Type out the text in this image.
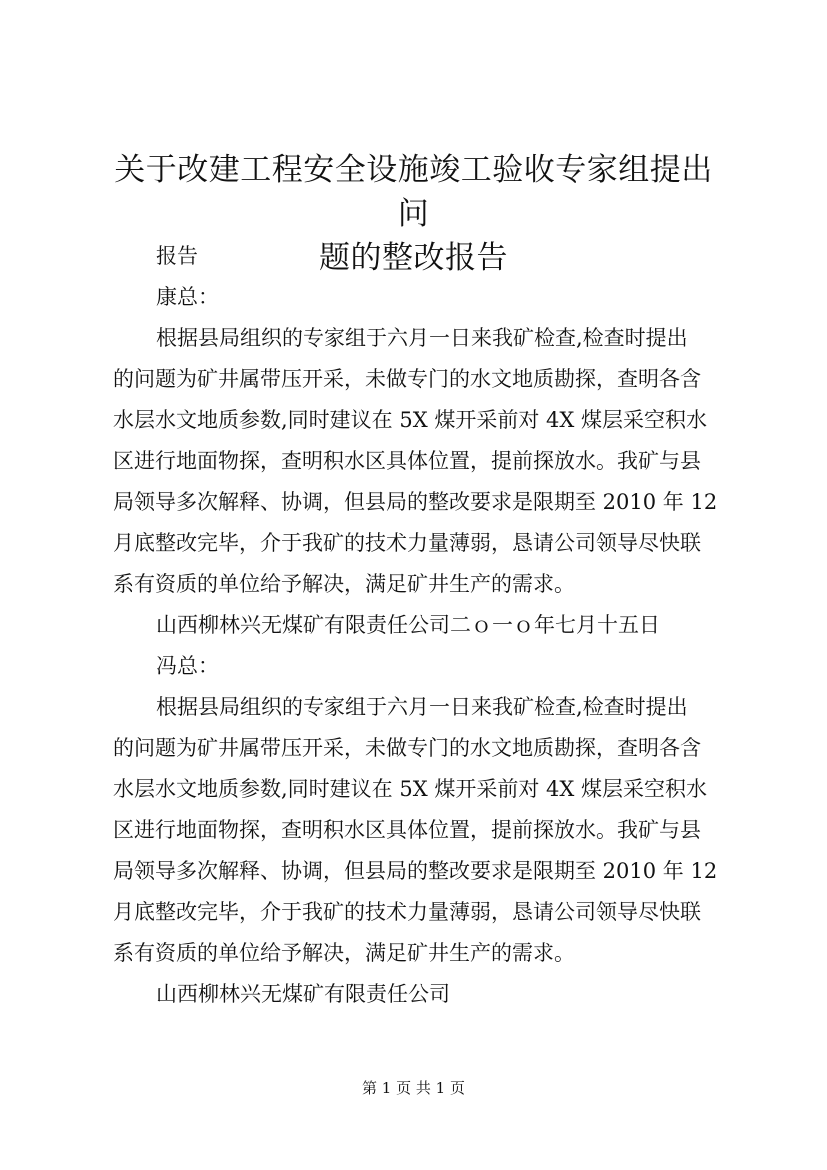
关于改建工程安全设施竣工验收专家组提出问
题的整改报告
报告
康总：
根据县局组织的专家组于六月一日来我矿检查,检查时提出
的问题为矿井属带压开采，未做专门的水文地质勘探，查明各含
水层水文地质参数,同时建议在 5X 煤开采前对 4X 煤层采空积水
区进行地面物探，查明积水区具体位置，提前探放水。我矿与县
局领导多次解释、协调，但县局的整改要求是限期至 2010 年 12
月底整改完毕，介于我矿的技术力量薄弱，恳请公司领导尽快联
系有资质的单位给予解决，满足矿井生产的需求。
山西柳林兴无煤矿有限责任公司二ｏ一ｏ年七月十五日
冯总：
根据县局组织的专家组于六月一日来我矿检查,检查时提出
的问题为矿井属带压开采，未做专门的水文地质勘探，查明各含
水层水文地质参数,同时建议在 5X 煤开采前对 4X 煤层采空积水
区进行地面物探，查明积水区具体位置，提前探放水。我矿与县
局领导多次解释、协调，但县局的整改要求是限期至 2010 年 12
月底整改完毕，介于我矿的技术力量薄弱，恳请公司领导尽快联
系有资质的单位给予解决，满足矿井生产的需求。
山西柳林兴无煤矿有限责任公司
第 1 页 共 1 页
